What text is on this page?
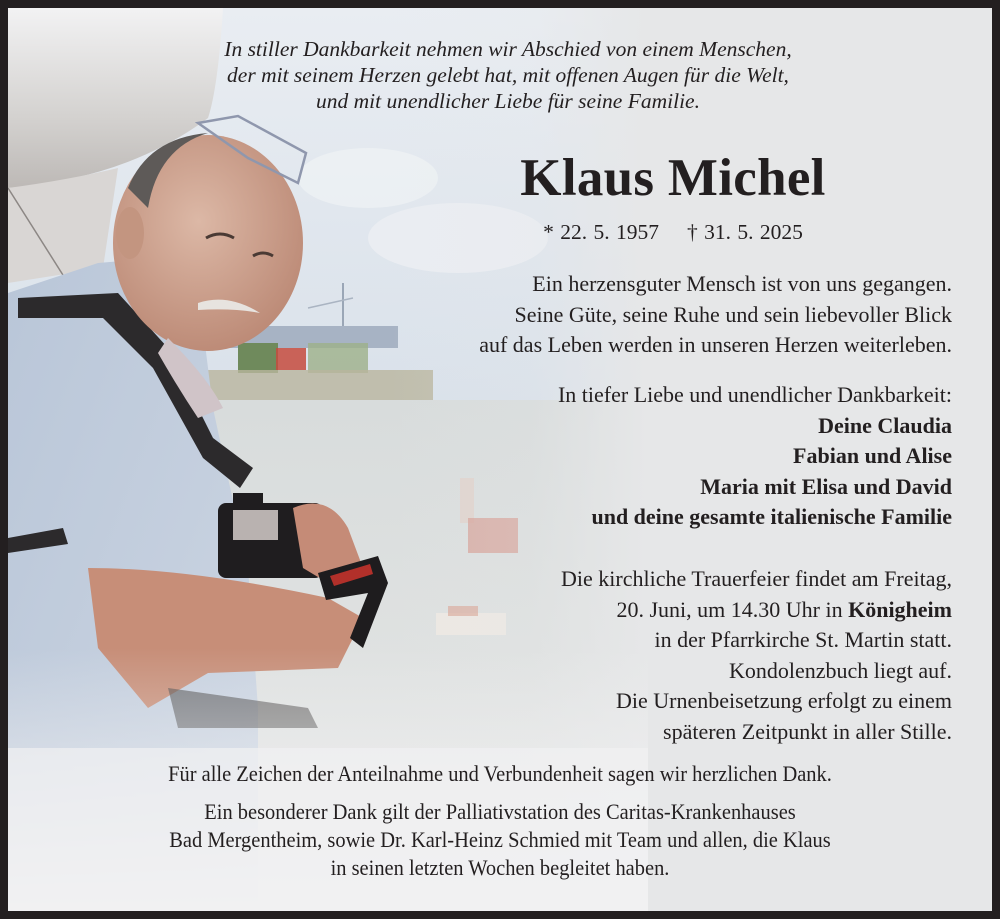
In stiller Dankbarkeit nehmen wir Abschied von einem Menschen,
der mit seinem Herzen gelebt hat, mit offenen Augen für die Welt,
und mit unendlicher Liebe für seine Familie.
Klaus Michel
* 22. 5. 1957 † 31. 5. 2025
Ein herzensguter Mensch ist von uns gegangen.
Seine Güte, seine Ruhe und sein liebevoller Blick
auf das Leben werden in unseren Herzen weiterleben.
In tiefer Liebe und unendlicher Dankbarkeit:
Deine Claudia
Fabian und Alise
Maria mit Elisa und David
und deine gesamte italienische Familie
Die kirchliche Trauerfeier findet am Freitag,
20. Juni, um 14.30 Uhr in Königheim
in der Pfarrkirche St. Martin statt.
Kondolenzbuch liegt auf.
Die Urnenbeisetzung erfolgt zu einem
späteren Zeitpunkt in aller Stille.
Für alle Zeichen der Anteilnahme und Verbundenheit sagen wir herzlichen Dank.
Ein besonderer Dank gilt der Palliativstation des Caritas-Krankenhauses
Bad Mergentheim, sowie Dr. Karl-Heinz Schmied mit Team und allen, die Klaus
in seinen letzten Wochen begleitet haben.
